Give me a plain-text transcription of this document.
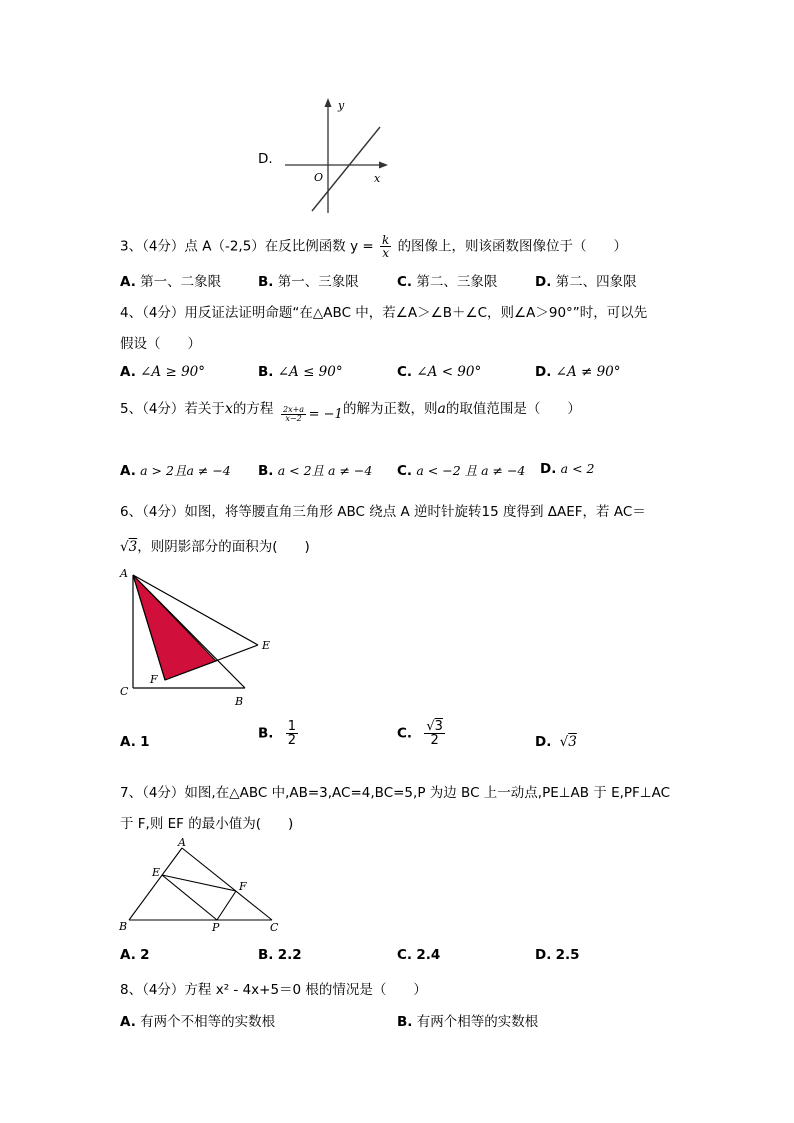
D.
y
x
O
3、（4分）点 A（-2,5）在反比例函数 $y = \frac{k}{x}$ 的图像上，则该函数图像位于（　　）
A. 第一、二象限	B. 第一、三象限	C. 第二、三象限	D. 第二、四象限
4、（4分）用反证法证明命题“在△ABC 中，若∠A＞∠B＋∠C，则∠A＞90°”时，可以先
假设（　　）
A. ∠A ≥ 90°	B. ∠A ≤ 90°	C. ∠A < 90°	D. ∠A ≠ 90°
5、（4分）若关于x的方程 $\frac{2x+a}{x-2} = -1$ 的解为正数，则a的取值范围是（　　）
A. a > 2且a ≠ −4 B. a < 2且 a ≠ −4 C. a < −2 且 a ≠ −4 D. a < 2
6、（4分）如图，将等腰直角三角形 ABC 绕点 A 逆时针旋转15 度得到 ΔAEF，若 AC＝
√3，则阴影部分的面积为(　　)
A
C
B
E
F
A. 1
B. $\frac{1}{2}$	C. $\frac{√3}{2}$	D. √3
7、（4分）如图,在△ABC 中,AB=3,AC=4,BC=5,P 为边 BC 上一动点,PE⊥AB 于 E,PF⊥AC
于 F,则 EF 的最小值为(　　)
A
E
F
B	P	C
A. 2	B. 2.2	C. 2.4	D. 2.5
8、（4分）方程 x² - 4x+5＝0 根的情况是（　　）
A. 有两个不相等的实数根	B. 有两个相等的实数根
